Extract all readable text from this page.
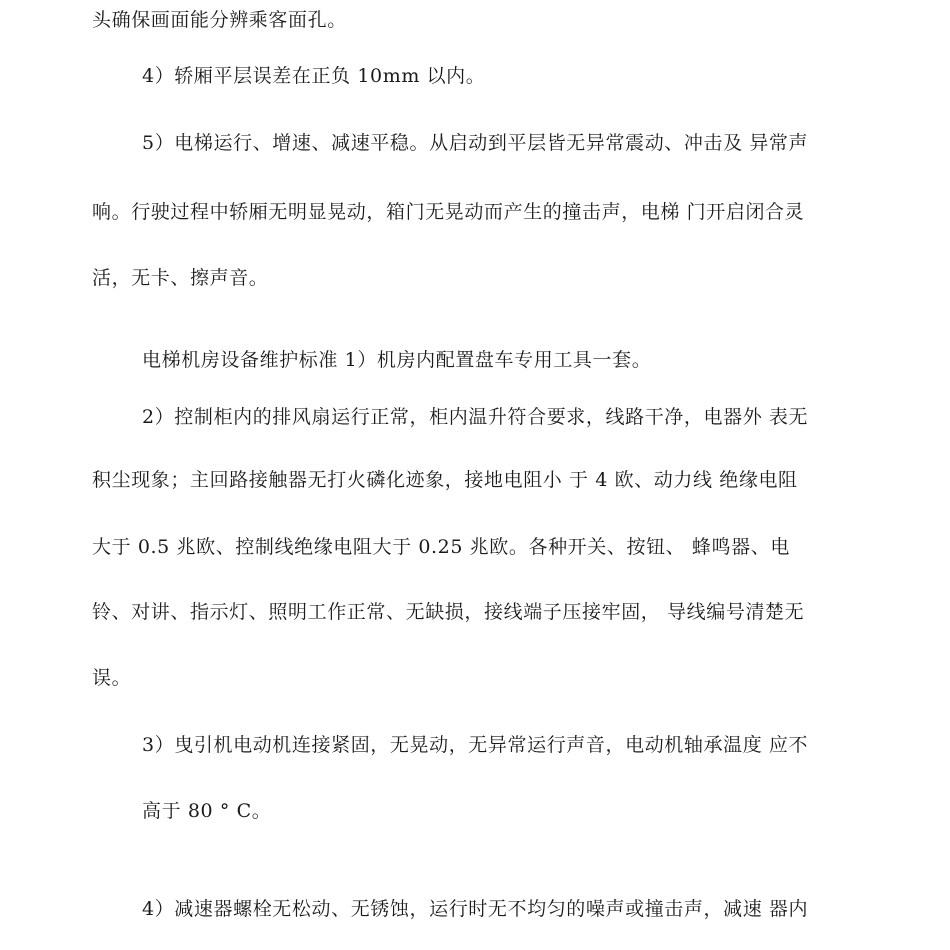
头确保画面能分辨乘客面孔。

4）轿厢平层误差在正负 10mm 以内。

5）电梯运行、增速、减速平稳。从启动到平层皆无异常震动、冲击及 异常声

响。行驶过程中轿厢无明显晃动，箱门无晃动而产生的撞击声，电梯 门开启闭合灵

活，无卡、擦声音。

电梯机房设备维护标准 1）机房内配置盘车专用工具一套。

2）控制柜内的排风扇运行正常，柜内温升符合要求，线路干净，电器外 表无

积尘现象；主回路接触器无打火磷化迹象，接地电阻小 于 4 欧、动力线 绝缘电阻

大于 0.5 兆欧、控制线绝缘电阻大于 0.25 兆欧。各种开关、按钮、 蜂鸣器、电

铃、对讲、指示灯、照明工作正常、无缺损，接线端子压接牢固， 导线编号清楚无

误。

3）曳引机电动机连接紧固，无晃动，无异常运行声音，电动机轴承温度 应不

高于 80 ° C。

4）减速器螺栓无松动、无锈蚀，运行时无不均匀的噪声或撞击声，减速 器内
